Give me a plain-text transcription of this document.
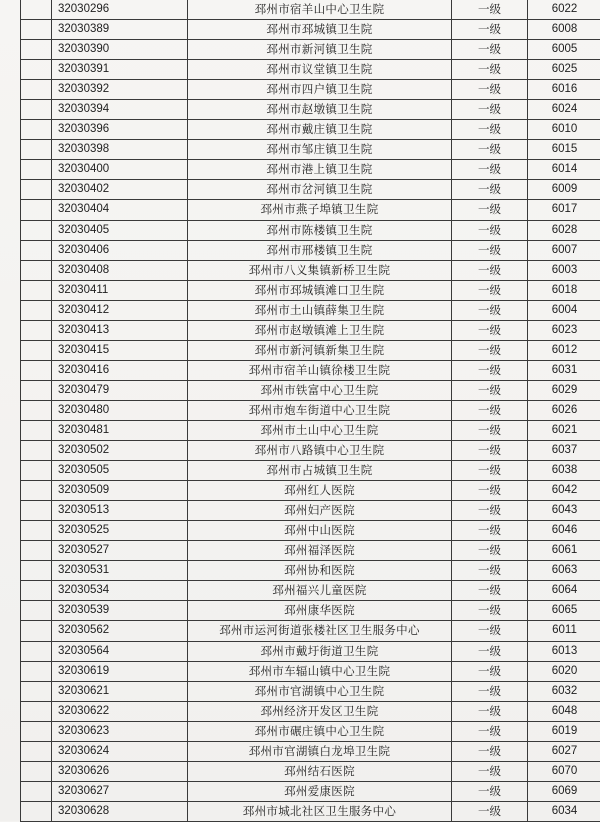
	32030296	邳州市宿羊山中心卫生院	一级	6022
	32030389	邳州市邳城镇卫生院	一级	6008
	32030390	邳州市新河镇卫生院	一级	6005
	32030391	邳州市议堂镇卫生院	一级	6025
	32030392	邳州市四户镇卫生院	一级	6016
	32030394	邳州市赵墩镇卫生院	一级	6024
	32030396	邳州市戴庄镇卫生院	一级	6010
	32030398	邳州市邹庄镇卫生院	一级	6015
	32030400	邳州市港上镇卫生院	一级	6014
	32030402	邳州市岔河镇卫生院	一级	6009
	32030404	邳州市燕子埠镇卫生院	一级	6017
	32030405	邳州市陈楼镇卫生院	一级	6028
	32030406	邳州市邢楼镇卫生院	一级	6007
	32030408	邳州市八义集镇新桥卫生院	一级	6003
	32030411	邳州市邳城镇滩口卫生院	一级	6018
	32030412	邳州市土山镇薛集卫生院	一级	6004
	32030413	邳州市赵墩镇滩上卫生院	一级	6023
	32030415	邳州市新河镇新集卫生院	一级	6012
	32030416	邳州市宿羊山镇徐楼卫生院	一级	6031
	32030479	邳州市铁富中心卫生院	一级	6029
	32030480	邳州市炮车街道中心卫生院	一级	6026
	32030481	邳州市土山中心卫生院	一级	6021
	32030502	邳州市八路镇中心卫生院	一级	6037
	32030505	邳州市占城镇卫生院	一级	6038
	32030509	邳州红人医院	一级	6042
	32030513	邳州妇产医院	一级	6043
	32030525	邳州中山医院	一级	6046
	32030527	邳州福泽医院	一级	6061
	32030531	邳州协和医院	一级	6063
	32030534	邳州福兴儿童医院	一级	6064
	32030539	邳州康华医院	一级	6065
	32030562	邳州市运河街道张楼社区卫生服务中心	一级	6011
	32030564	邳州市戴圩街道卫生院	一级	6013
	32030619	邳州市车辐山镇中心卫生院	一级	6020
	32030621	邳州市官湖镇中心卫生院	一级	6032
	32030622	邳州经济开发区卫生院	一级	6048
	32030623	邳州市碾庄镇中心卫生院	一级	6019
	32030624	邳州市官湖镇白龙埠卫生院	一级	6027
	32030626	邳州结石医院	一级	6070
	32030627	邳州爱康医院	一级	6069
	32030628	邳州市城北社区卫生服务中心	一级	6034
